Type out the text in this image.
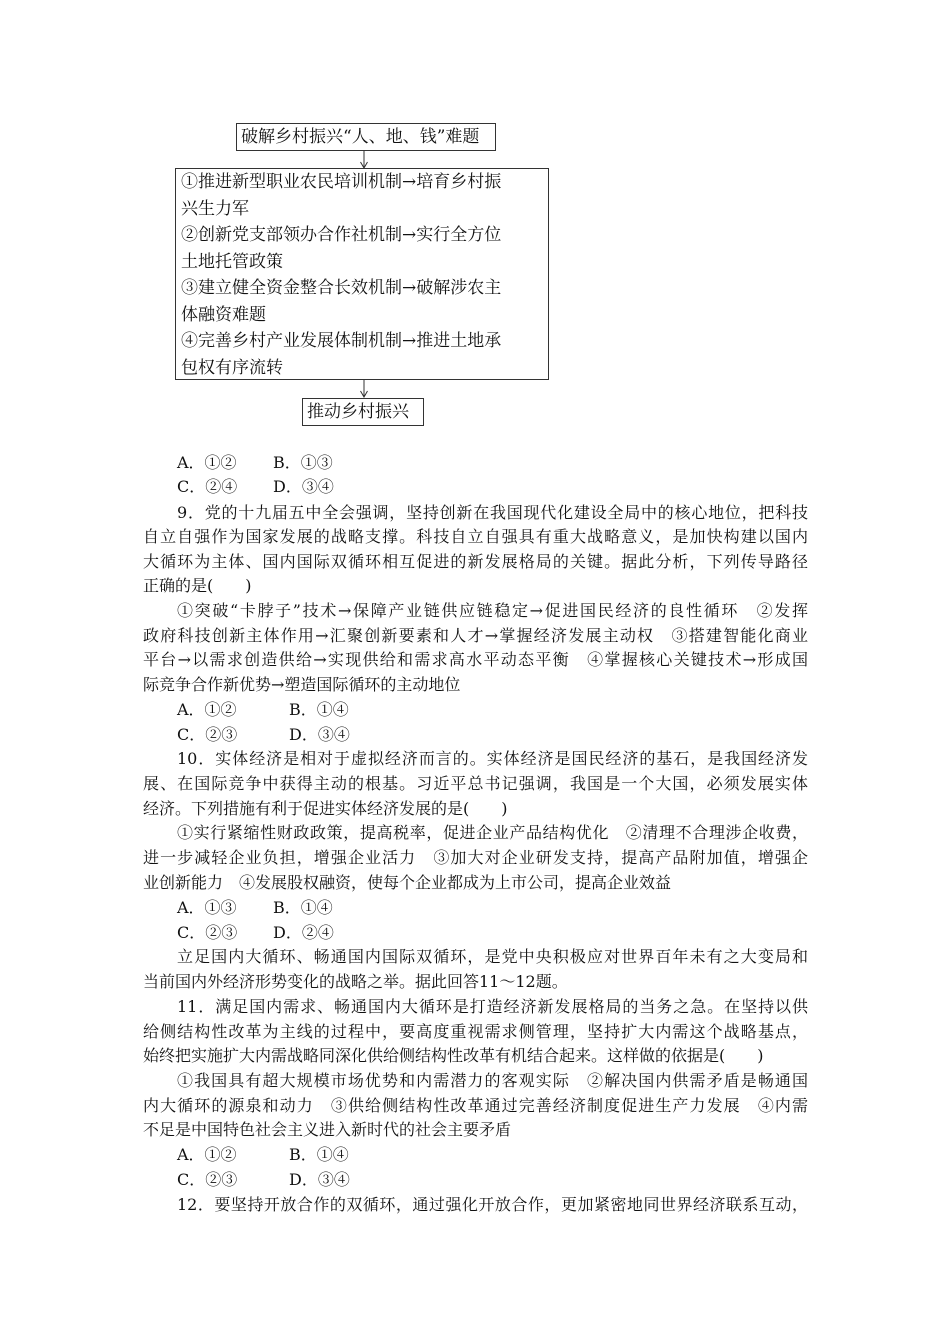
破解乡村振兴“人、地、钱”难题
①推进新型职业农民培训机制→培育乡村振
兴生力军
②创新党支部领办合作社机制→实行全方位
土地托管政策
③建立健全资金整合长效机制→破解涉农主
体融资难题
④完善乡村产业发展体制机制→推进土地承
包权有序流转
推动乡村振兴
A．①② B．①③
C．②④ D．③④
9．党的十九届五中全会强调，坚持创新在我国现代化建设全局中的核心地位，把科技
自立自强作为国家发展的战略支撑。科技自立自强具有重大战略意义，是加快构建以国内
大循环为主体、国内国际双循环相互促进的新发展格局的关键。据此分析，下列传导路径
正确的是(　　)
①突破“卡脖子”技术→保障产业链供应链稳定→促进国民经济的良性循环　②发挥
政府科技创新主体作用→汇聚创新要素和人才→掌握经济发展主动权　③搭建智能化商业
平台→以需求创造供给→实现供给和需求高水平动态平衡　④掌握核心关键技术→形成国
际竞争合作新优势→塑造国际循环的主动地位
A．①②	B．①④
C．②③	D．③④
10．实体经济是相对于虚拟经济而言的。实体经济是国民经济的基石，是我国经济发
展、在国际竞争中获得主动的根基。习近平总书记强调，我国是一个大国，必须发展实体
经济。下列措施有利于促进实体经济发展的是(　　)
①实行紧缩性财政政策，提高税率，促进企业产品结构优化　②清理不合理涉企收费，
进一步减轻企业负担，增强企业活力　③加大对企业研发支持，提高产品附加值，增强企
业创新能力　④发展股权融资，使每个企业都成为上市公司，提高企业效益
A．①③ B．①④
C．②③ D．②④
立足国内大循环、畅通国内国际双循环，是党中央积极应对世界百年未有之大变局和
当前国内外经济形势变化的战略之举。据此回答11～12题。
11．满足国内需求、畅通国内大循环是打造经济新发展格局的当务之急。在坚持以供
给侧结构性改革为主线的过程中，要高度重视需求侧管理，坚持扩大内需这个战略基点，
始终把实施扩大内需战略同深化供给侧结构性改革有机结合起来。这样做的依据是(　　)
①我国具有超大规模市场优势和内需潜力的客观实际　②解决国内供需矛盾是畅通国
内大循环的源泉和动力　③供给侧结构性改革通过完善经济制度促进生产力发展　④内需
不足是中国特色社会主义进入新时代的社会主要矛盾
A．①②	B．①④
C．②③	D．③④
12．要坚持开放合作的双循环，通过强化开放合作，更加紧密地同世界经济联系互动，
